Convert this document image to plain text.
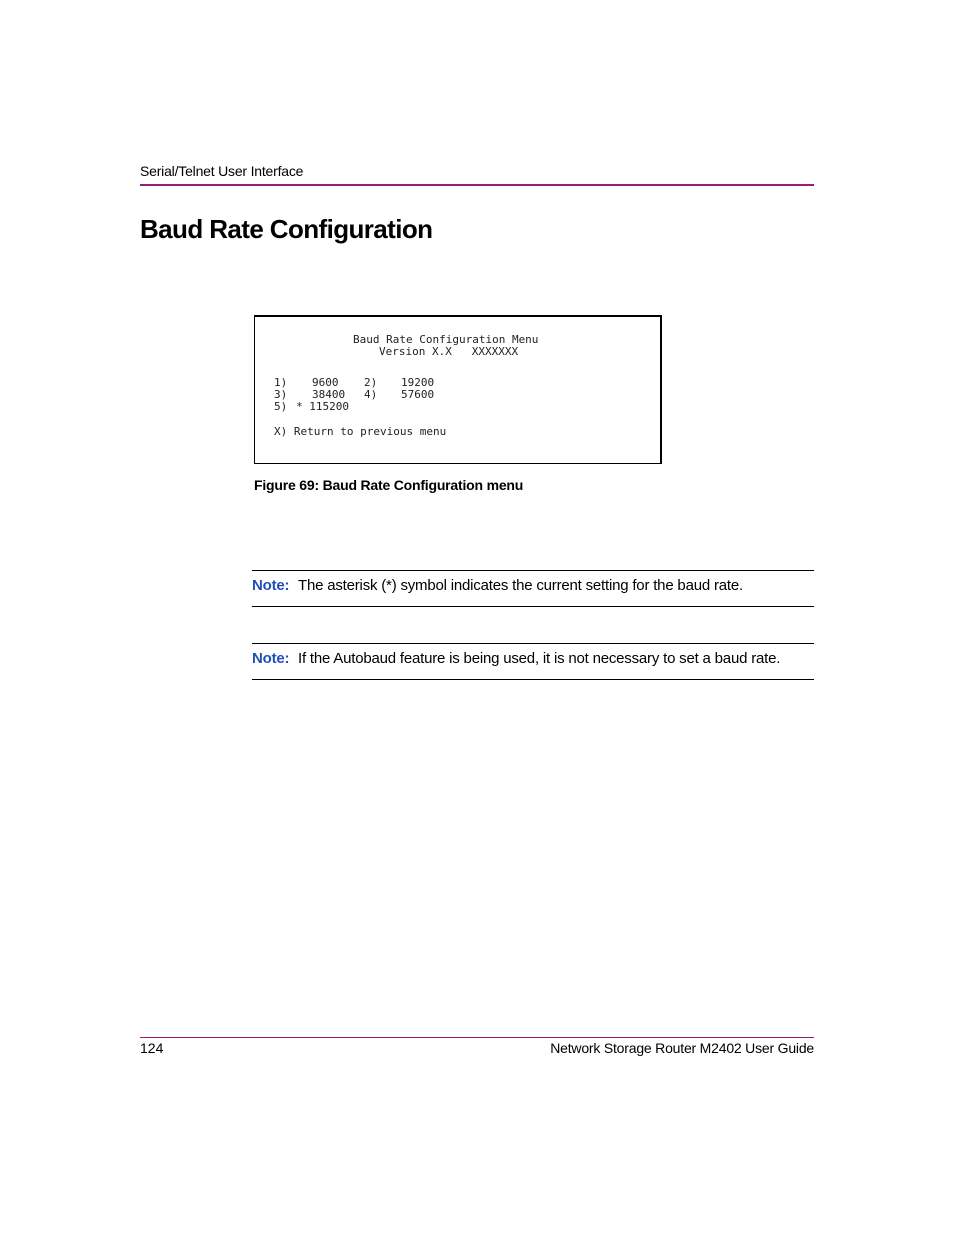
Serial/Telnet User Interface
Baud Rate Configuration
Baud Rate Configuration Menu
Version X.X   XXXXXXX
1) 9600 2) 19200
3) 38400 4) 57600
5) * 115200
X) Return to previous menu
Figure 69: Baud Rate Configuration menu
Note: The asterisk (*) symbol indicates the current setting for the baud rate.
Note: If the Autobaud feature is being used, it is not necessary to set a baud rate.
124	Network Storage Router M2402 User Guide
